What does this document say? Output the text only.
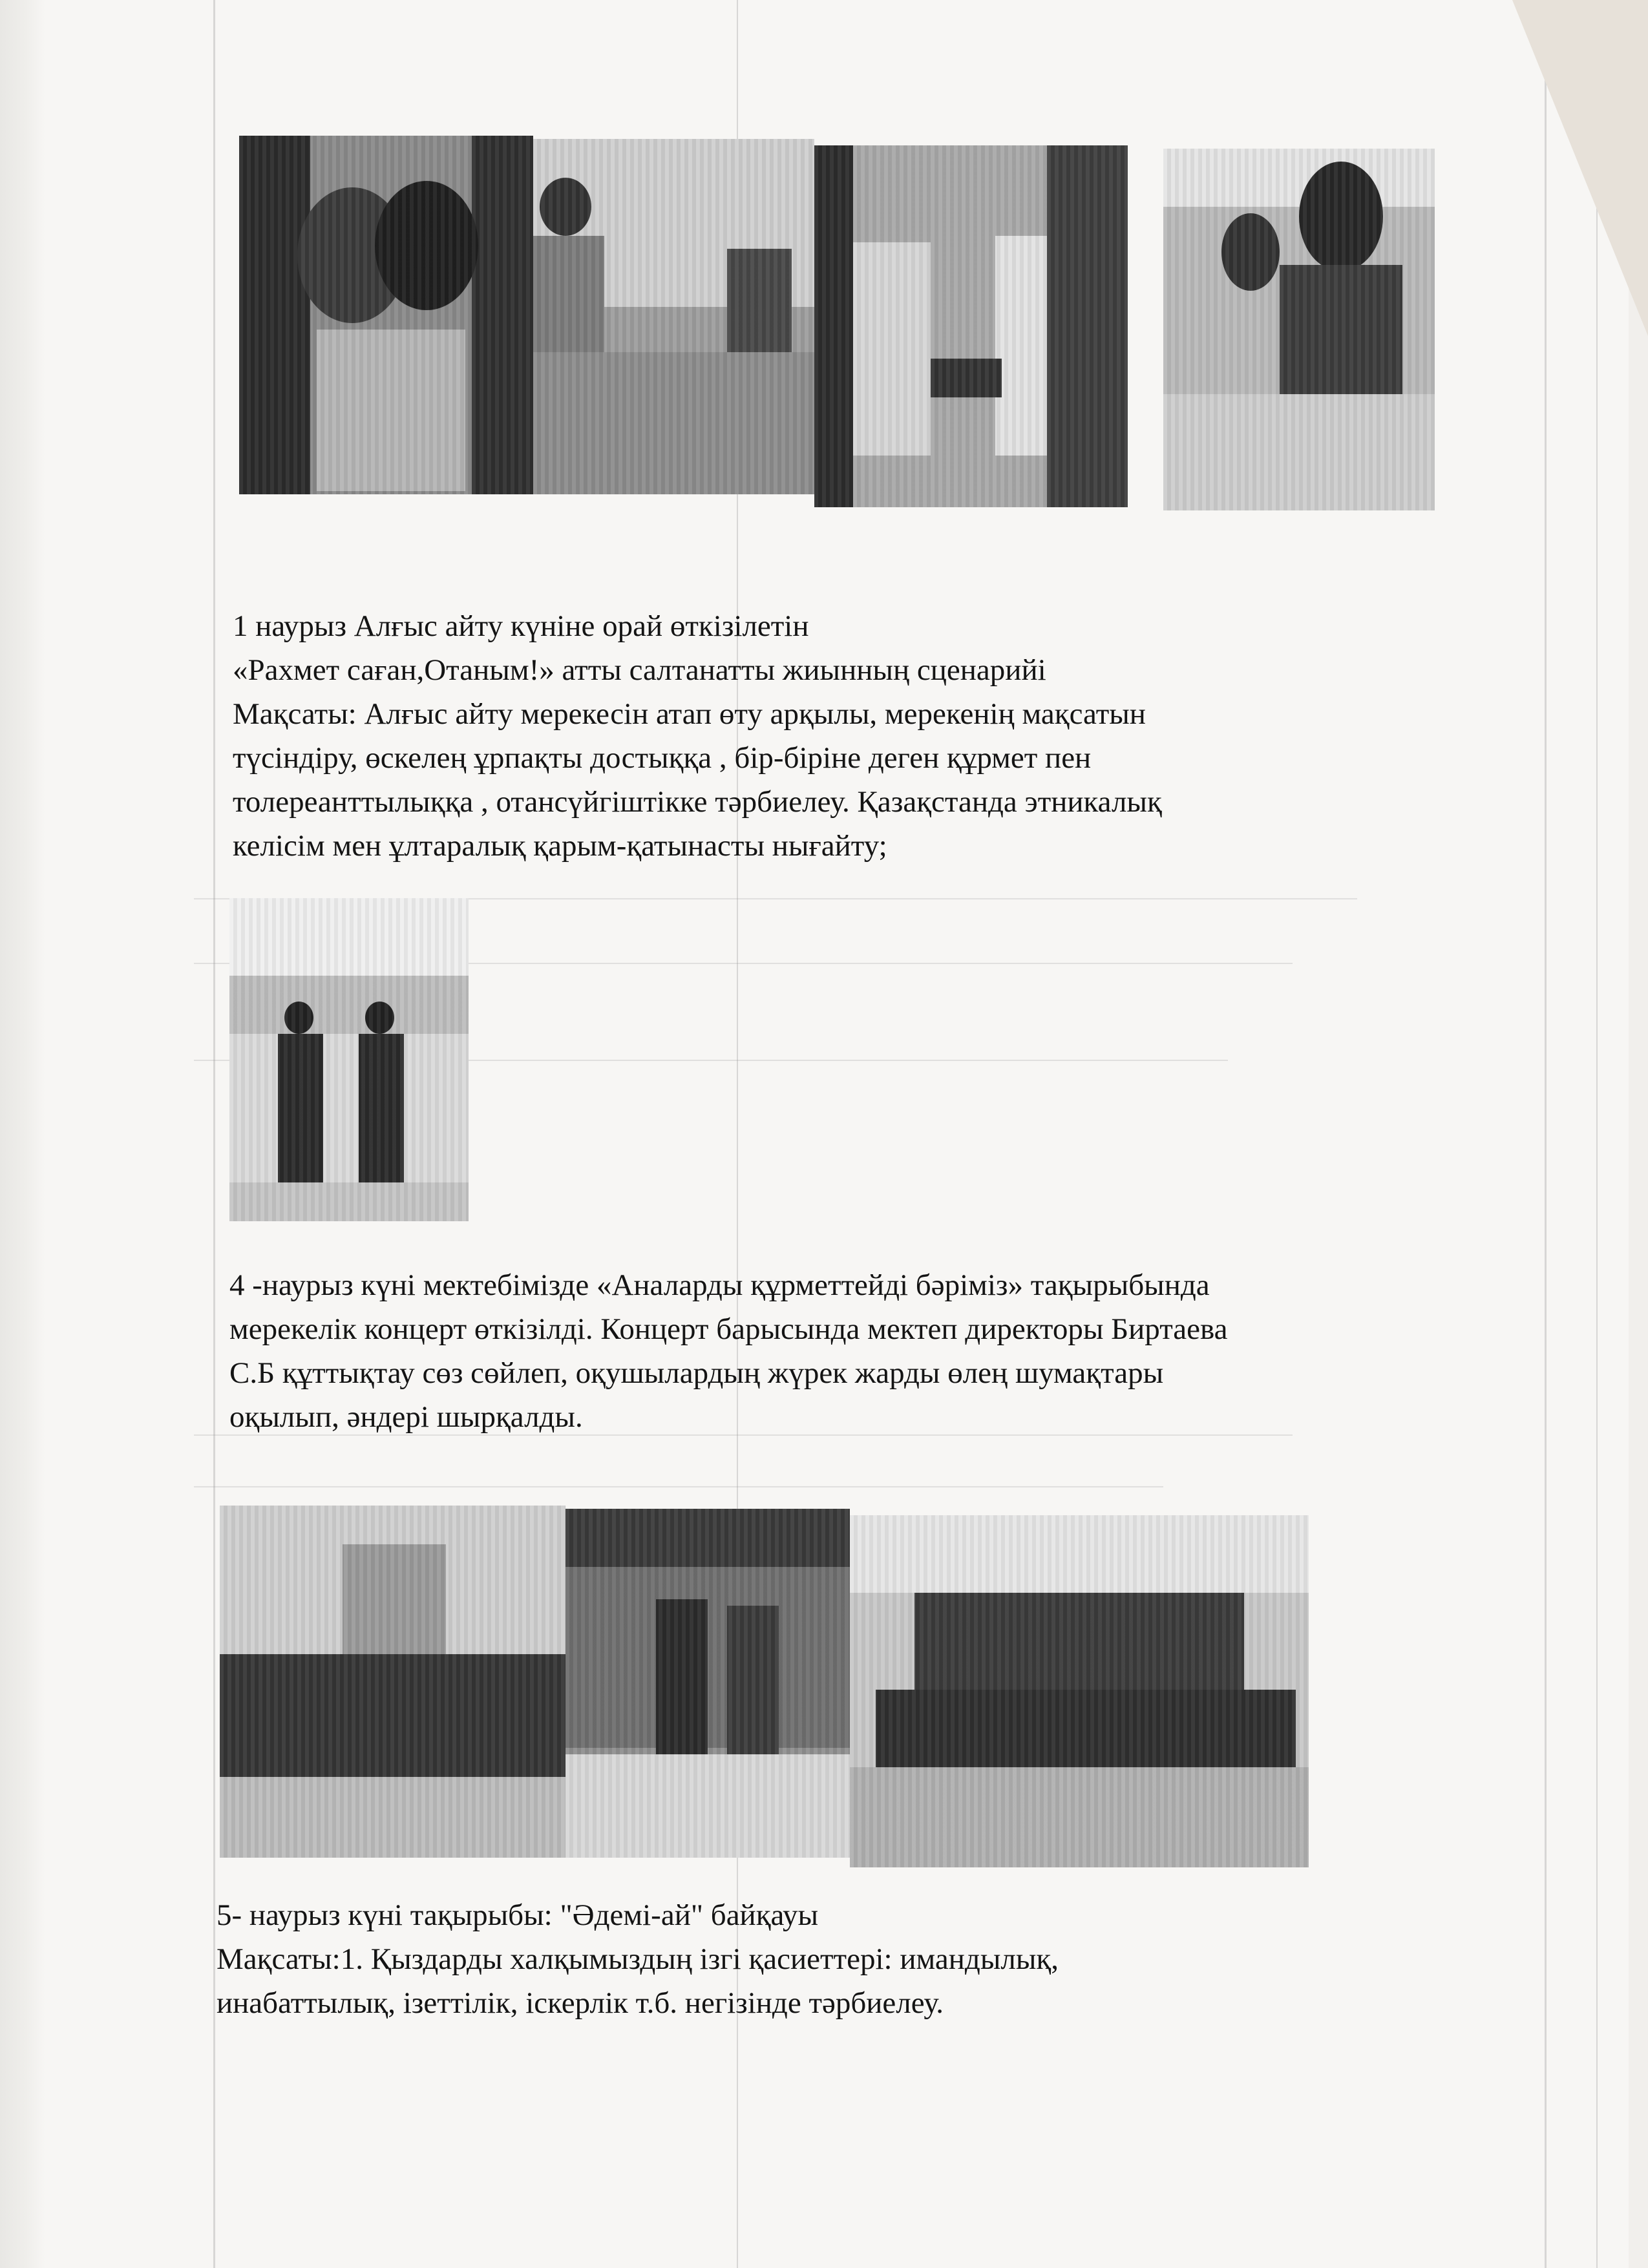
1 наурыз Алғыс айту күніне орай өткізілетін
«Рахмет саған,Отаным!» атты салтанатты жиынның сценарийі
Мақсаты: Алғыс айту мерекесін атап өту арқылы, мерекенің мақсатын
түсіндіру, өскелең ұрпақты достыққа , бір-біріне деген құрмет пен
толереанттылыққа , отансүйгіштікке тәрбиелеу. Қазақстанда этникалық
келісім мен ұлтаралық қарым-қатынасты нығайту;
4 -наурыз күні мектебімізде «Аналарды құрметтейді бәріміз» тақырыбында
мерекелік концерт өткізілді. Концерт барысында мектеп директоры Биртаева
С.Б құттықтау сөз сөйлеп, оқушылардың жүрек жарды өлең шумақтары
оқылып, әндері шырқалды.
5- наурыз күні тақырыбы: "Әдемі-ай" байқауы
Мақсаты:1. Қыздарды халқымыздың ізгі қасиеттері: имандылық,
инабаттылық, ізеттілік, іскерлік т.б. негізінде тәрбиелеу.
